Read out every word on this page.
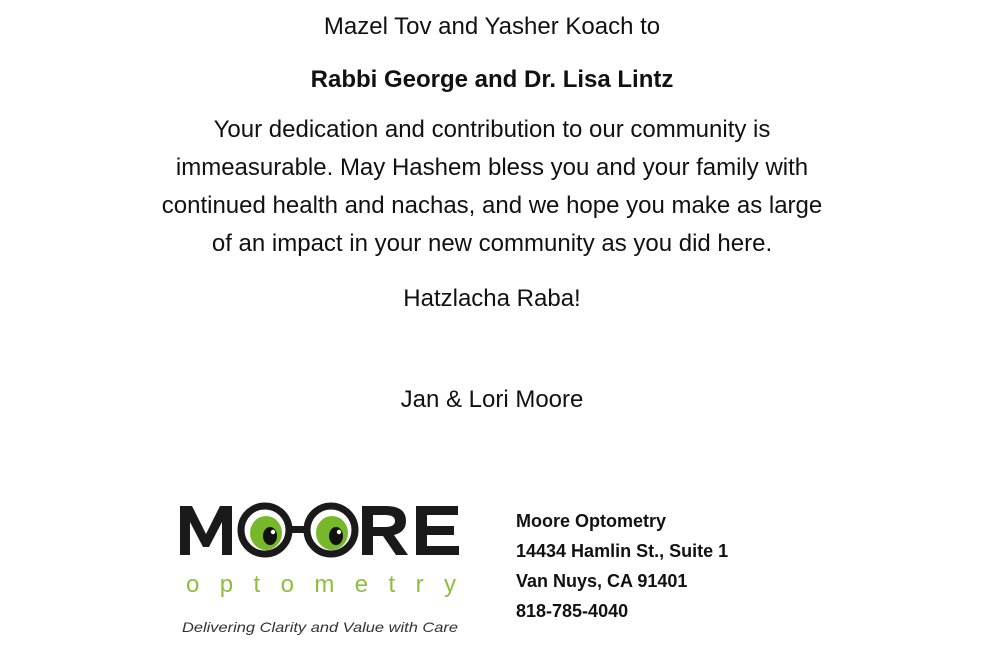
Mazel Tov and Yasher Koach to
Rabbi George and Dr. Lisa Lintz
Your dedication and contribution to our community is
immeasurable. May Hashem bless you and your family with
continued health and nachas, and we hope you make as large
of an impact in your new community as you did here.
Hatzlacha Raba!
Jan & Lori Moore
optometry
Delivering Clarity and Value with Care
Moore Optometry
14434 Hamlin St., Suite 1
Van Nuys, CA 91401
818-785-4040
